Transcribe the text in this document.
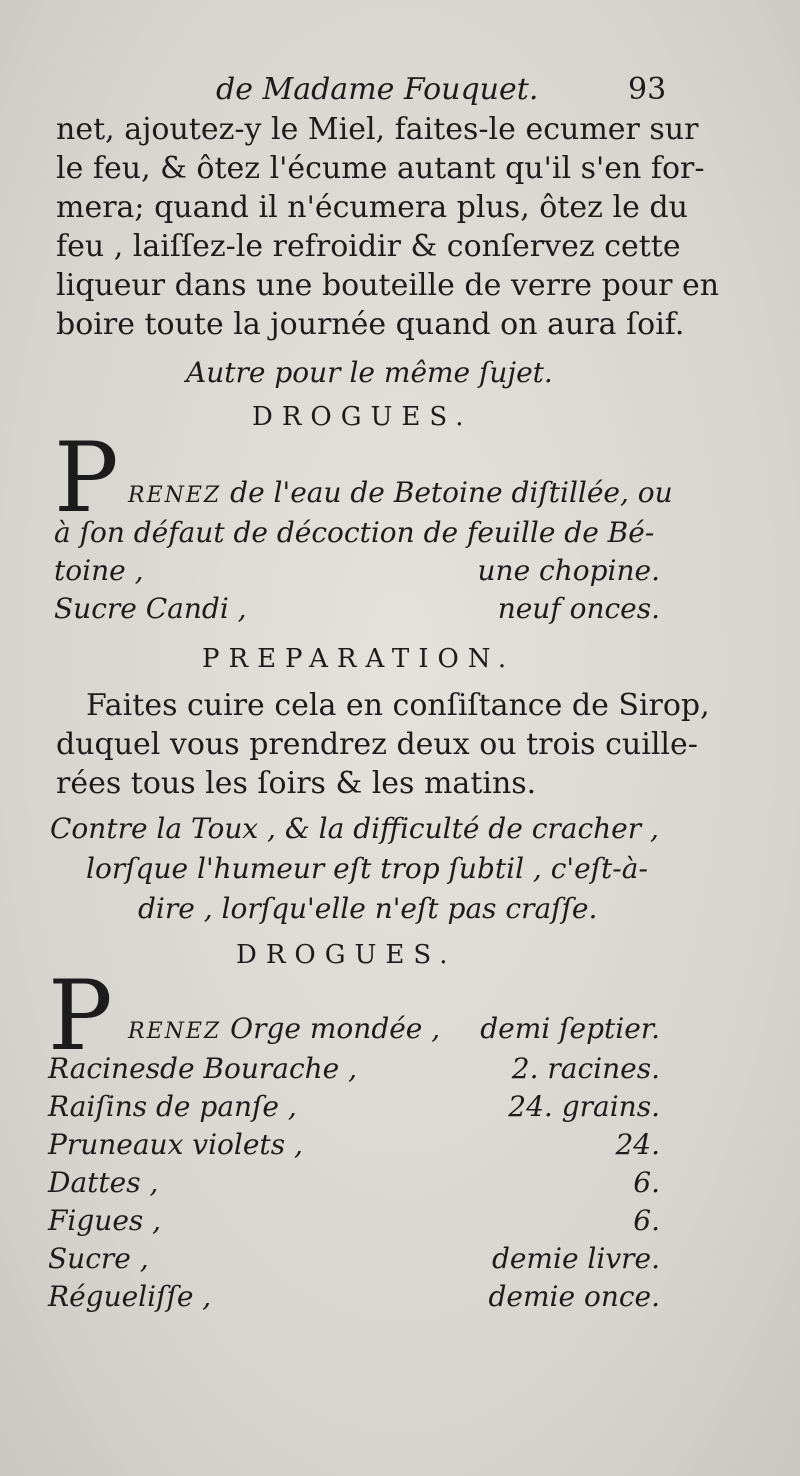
de Madame Fouquet.	93
net, ajoutez-y le Miel, faites-le ecumer sur
le feu, & ôtez l'écume autant qu'il s'en for-
mera; quand il n'écumera plus, ôtez le du
feu , laiſſez-le refroidir & conſervez cette
liqueur dans une bouteille de verre pour en
boire toute la journée quand on aura ſoif.
Autre pour le même ſujet.
DROGUES.
P RENEZ de l'eau de Betoine diſtillée, ou
à ſon défaut de décoction de feuille de Bé-
toine ,	une chopine.
Sucre Candi ,	neuf onces.
PREPARATION.
Faites cuire cela en conſiſtance de Sirop,
duquel vous prendrez deux ou trois cuille-
rées tous les ſoirs & les matins.
Contre la Toux , & la difficulté de cracher ,
lorſque l'humeur eſt trop ſubtil , c'eſt-à-
dire , lorſqu'elle n'eſt pas craſſe.
DROGUES.
P RENEZ Orge mondée , demi ſeptier.
Racinesde Bourache ,	2. racines.
Raiſins de panſe ,	24. grains.
Pruneaux violets ,	24.
Dattes ,	6.
Figues ,	6.
Sucre ,	demie livre.
Régueliſſe ,	demie once.
